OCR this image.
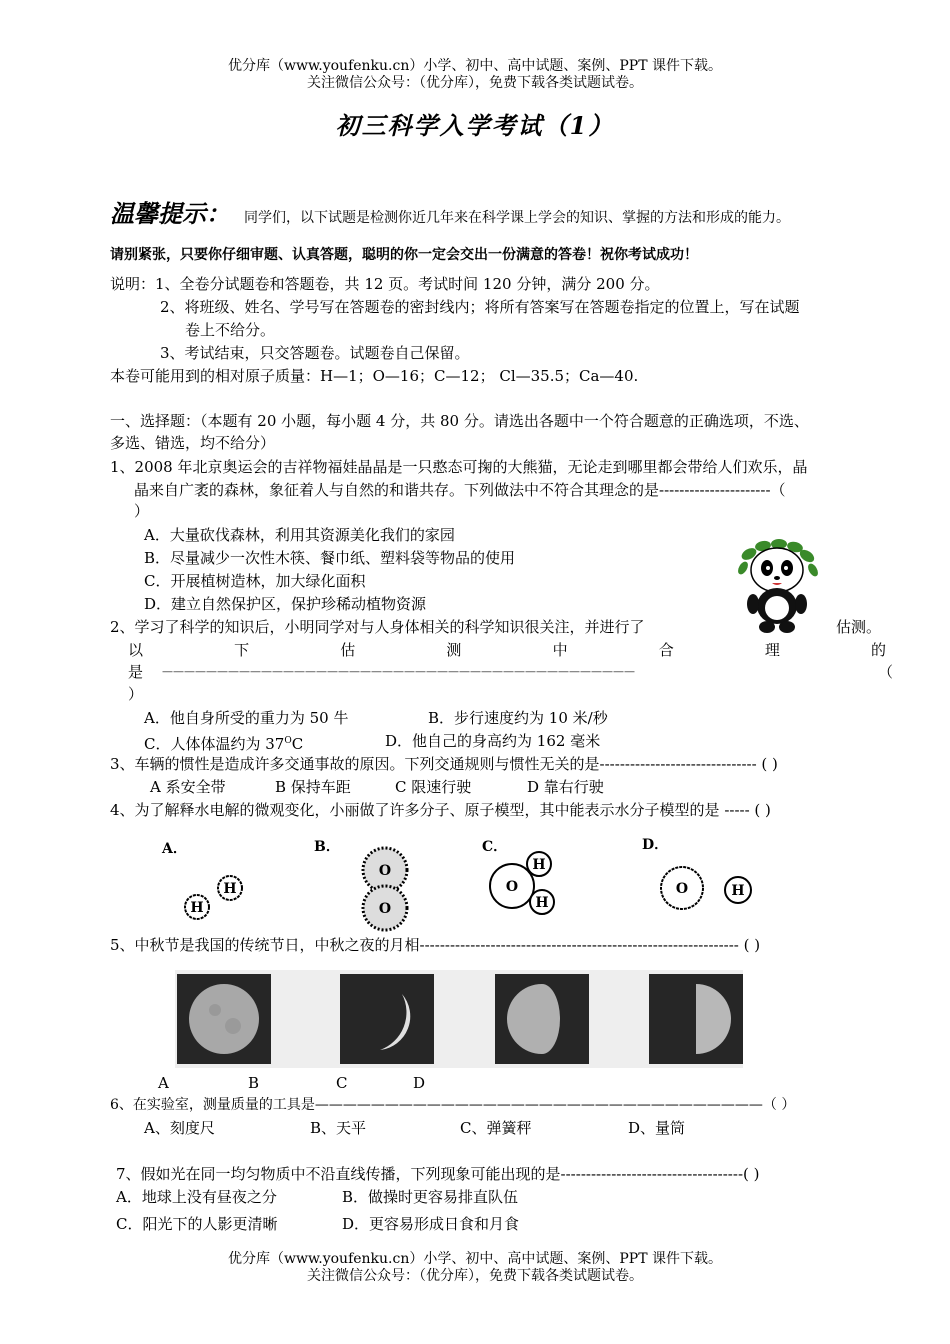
优分库（www.youfenku.cn）小学、初中、高中试题、案例、PPT 课件下载。
关注微信公众号：（优分库），免费下载各类试题试卷。
初三科学入学考试（1）
温馨提示： 同学们，以下试题是检测你近几年来在科学课上学会的知识、掌握的方法和形成的能力。
请别紧张，只要你仔细审题、认真答题，聪明的你一定会交出一份满意的答卷！祝你考试成功！
说明：1、全卷分试题卷和答题卷，共 12 页。考试时间 120 分钟，满分 200 分。
2、将班级、姓名、学号写在答题卷的密封线内；将所有答案写在答题卷指定的位置上，写在试题
卷上不给分。
3、考试结束，只交答题卷。试题卷自己保留。
本卷可能用到的相对原子质量：H—1；O—16；C—12； Cl—35.5；Ca—40.
一、选择题：（本题有 20 小题，每小题 4 分，共 80 分。请选出各题中一个符合题意的正确选项，不选、
多选、错选，均不给分）
1、2008 年北京奥运会的吉祥物福娃晶晶是一只憨态可掬的大熊猫，无论走到哪里都会带给人们欢乐，晶
晶来自广袤的森林，象征着人与自然的和谐共存。下列做法中不符合其理念的是----------------------（
）
A．大量砍伐森林，利用其资源美化我们的家园
B．尽量减少一次性木筷、餐巾纸、塑料袋等物品的使用
C．开展植树造林，加大绿化面积
D．建立自然保护区，保护珍稀动植物资源
2、学习了科学的知识后，小明同学对与人身体相关的科学知识很关注，并进行了	估测。
以	下	估	测	中	合	理	的
是 ———————————————————————————————————————————	（
）
A．他自身所受的重力为 50 牛	B．步行速度约为 10 米/秒
C．人体体温约为 $37^OC$	D．他自己的身高约为 162 毫米
3、车辆的惯性是造成许多交通事故的原因。下列交通规则与惯性无关的是------------------------------- ( )
A 系安全带	B 保持车距	C 限速行驶	D 靠右行驶
4、为了解释水电解的微观变化，小丽做了许多分子、原子模型，其中能表示水分子模型的是 ----- ( )
A．	B．	C．	D．
H
H
O
O
O
H
H
O	H
5、中秋节是我国的传统节日，中秋之夜的月相--------------------------------------------------------------- ( )
A	B	C	D
6、在实验室，测量质量的工具是————————————————————————————————（ ）
A、刻度尺	B、天平	C、弹簧秤	D、量筒
7、假如光在同一均匀物质中不沿直线传播，下列现象可能出现的是------------------------------------( )
A．地球上没有昼夜之分	B．做操时更容易排直队伍
C．阳光下的人影更清晰	D．更容易形成日食和月食
优分库（www.youfenku.cn）小学、初中、高中试题、案例、PPT 课件下载。
关注微信公众号：（优分库），免费下载各类试题试卷。
